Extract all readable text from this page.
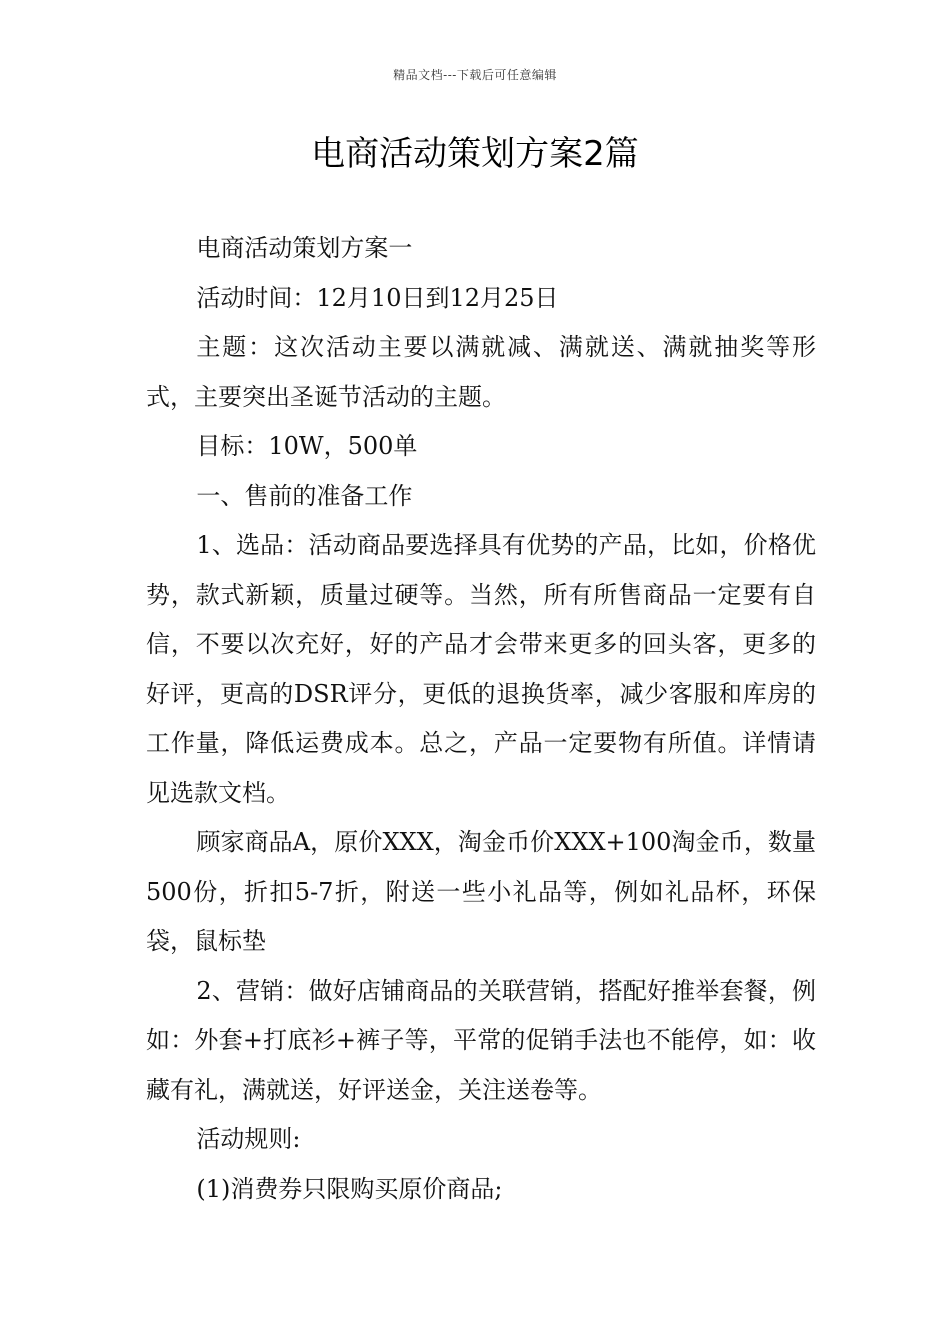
精品文档---下载后可任意编辑
电商活动策划方案2篇

电商活动策划方案一

活动时间：12月10日到12月25日

主题：这次活动主要以满就减、满就送、满就抽奖等形式，主要突出圣诞节活动的主题。

目标：10W，500单

一、售前的准备工作

1、选品：活动商品要选择具有优势的产品，比如，价格优势，款式新颖，质量过硬等。当然，所有所售商品一定要有自信，不要以次充好，好的产品才会带来更多的回头客，更多的好评，更高的DSR评分，更低的退换货率，减少客服和库房的工作量，降低运费成本。总之，产品一定要物有所值。详情请见选款文档。

顾家商品A，原价XXX，淘金币价XXX+100淘金币，数量500份，折扣5-7折，附送一些小礼品等，例如礼品杯，环保袋，鼠标垫

2、营销：做好店铺商品的关联营销，搭配好推举套餐，例如：外套+打底衫+裤子等，平常的促销手法也不能停，如：收藏有礼，满就送，好评送金，关注送卷等。

活动规则:

(1)消费券只限购买原价商品;
